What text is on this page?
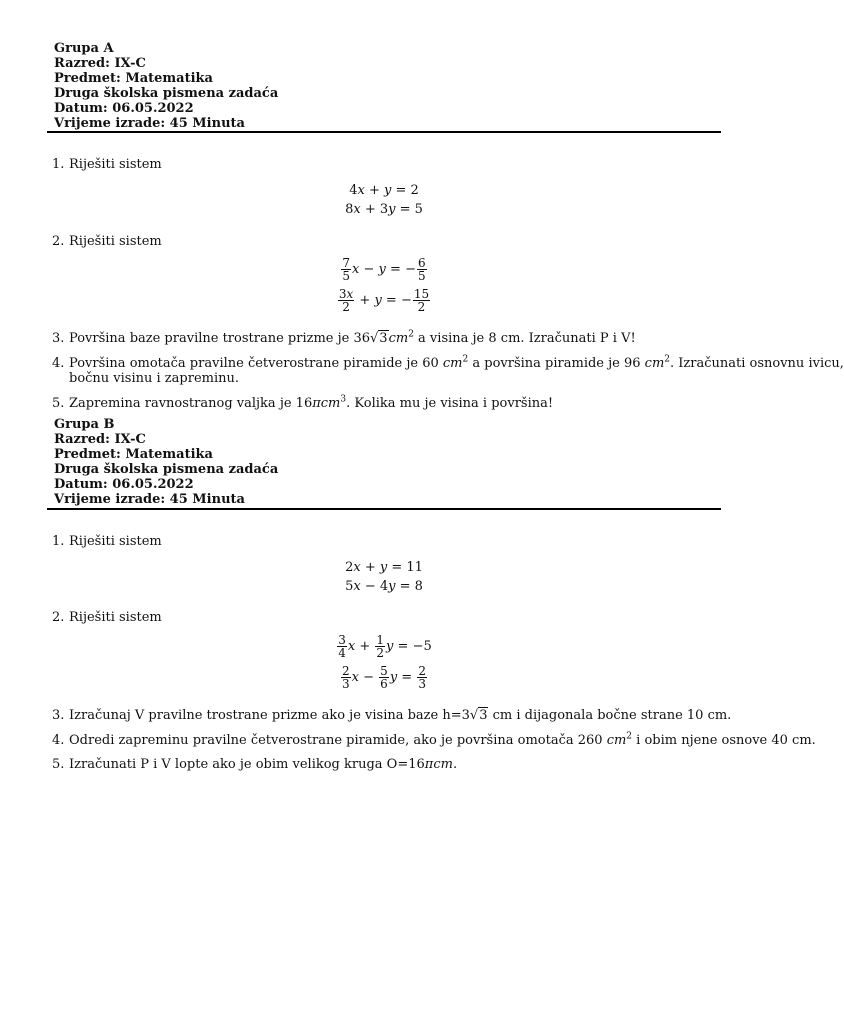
Grupa A
Razred: IX-C
Predmet: Matematika
Druga školska pismena zadaća
Datum: 06.05.2022
Vrijeme izrade: 45 Minuta
1. Riješiti sistem
4x + y = 2
8x + 3y = 5
2. Riješiti sistem
$\frac{7}{5}$ x − y = − $\frac{6}{5}$
$\frac{3x}{2} + y$ = − $\frac{15}{2}$
3. Površina baze pravilne trostrane prizme je $36√3cm^2$ a visina je 8 cm. Izračunati P i V!
4. Površina omotača pravilne četverostrane piramide je 60 $cm^2$ a površina piramide je 96 $cm^2$. Izračunati osnovnu ivicu,
bočnu visinu i zapreminu.
5. Zapremina ravnostranog valjka je 16πcm$^3$. Kolika mu je visina i površina!
Grupa B
Razred: IX-C
Predmet: Matematika
Druga školska pismena zadaća
Datum: 06.05.2022
Vrijeme izrade: 45 Minuta
1. Riješiti sistem
2x + y = 11
5x − 4y = 8
2. Riješiti sistem
$\frac{3}{4}$ $x + \frac{1}{2}$ y = −5
$\frac{2}{3}$ $x - \frac{5}{6}$ $y = \frac{2}{3}$
3. Izračunaj V pravilne trostrane prizme ako je visina baze h=3√3 cm i dijagonala bočne strane 10 cm.
4. Odredi zapreminu pravilne četverostrane piramide, ako je površina omotača 260 $cm^2$ i obim njene osnove 40 cm.
5. Izračunati P i V lopte ako je obim velikog kruga O=16πcm.
